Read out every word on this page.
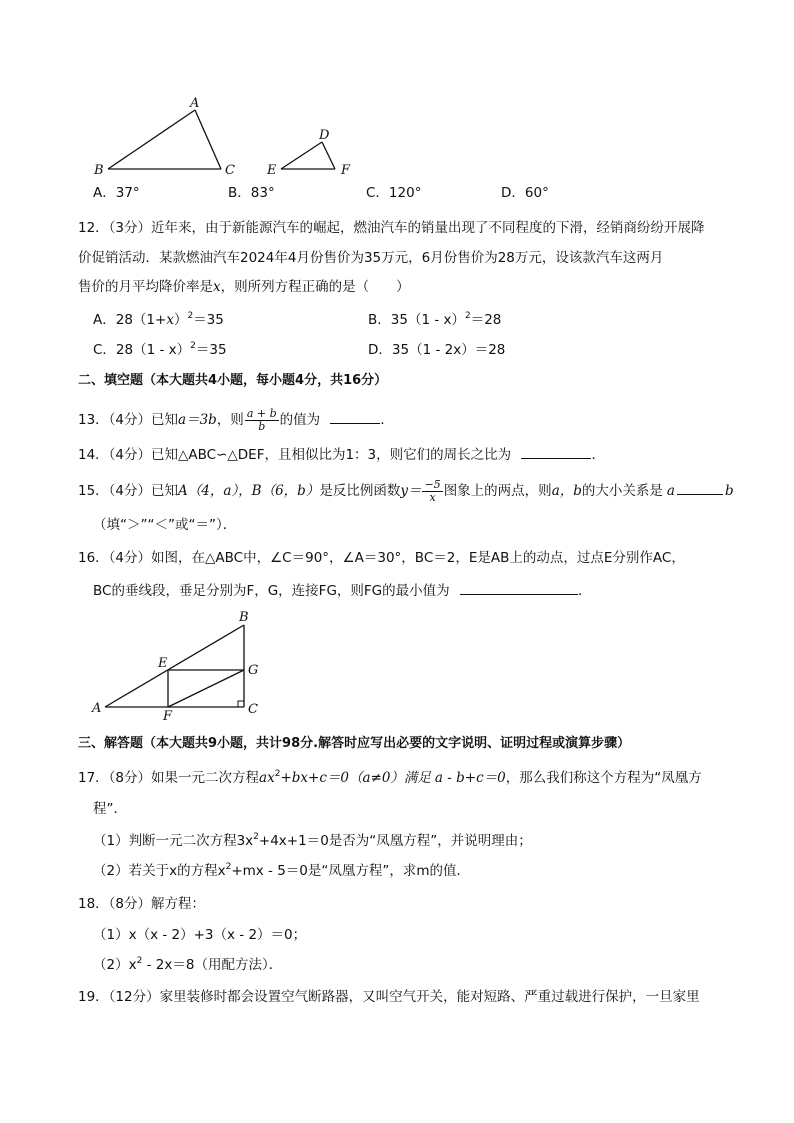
A
B	C
D
E	F
A．37°	B．83°	C．120°	D．60°
12．（3分）近年来，由于新能源汽车的崛起，燃油汽车的销量出现了不同程度的下滑，经销商纷纷开展降
价促销活动．某款燃油汽车2024年4月份售价为35万元，6月份售价为28万元，设该款汽车这两月
售价的月平均降价率是x，则所列方程正确的是（　　）
A．$28(1+x)^2=35$	B．35（1 - x）$^2$＝28
C．28（1 - x）$^2$＝35	D．35（1 - 2x）＝28
二、填空题（本大题共4小题，每小题4分，共16分）
13．（4分）已知a＝3b，则 $\frac{a + b}{b}$ 的值为	．
14．（4分）已知△ABC∽△DEF，且相似比为1：3，则它们的周长之比为	．
15．（4分）已知A（4，a），B（6，b）是反比例函数$y= \frac{-5}{x}$ 图象上的两点，则a，b的大小关系是 a	b
（填“＞”“＜”或“＝”）．
16．（4分）如图，在△ABC中，∠C＝90°，∠A＝30°，BC＝2，E是AB上的动点，过点E分别作AC，
BC的垂线段，垂足分别为F，G，连接FG，则FG的最小值为	．
A
B
C
E
F
G
三、解答题（本大题共9小题，共计98分.解答时应写出必要的文字说明、证明过程或演算步骤）
17．（8分）如果一元二次方程$ax^2+bx+c=0(a\ne 0)$满足 a - b+c＝0，那么我们称这个方程为“凤凰方
程”．
（1）判断一元二次方程$3x^2+4x+1=0$是否为“凤凰方程”，并说明理由；
（2）若关于x的方程$x^2+mx - 5=0$是“凤凰方程”，求m的值．
18．（8分）解方程：
（1）x（x - 2）+3（x - 2）＝0；
$(2)x^2 - 2x=8$（用配方法）．
19．（12分）家里装修时都会设置空气断路器，又叫空气开关，能对短路、严重过载进行保护，一旦家里
